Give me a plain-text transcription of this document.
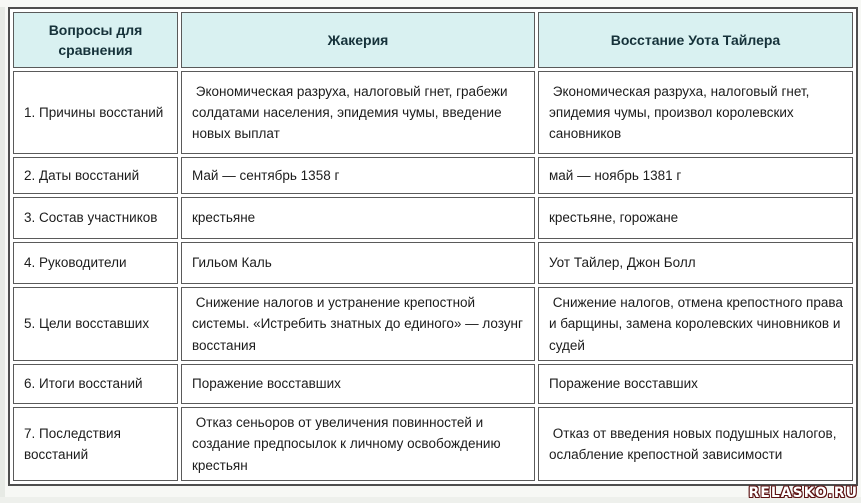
Вопросы для сравнения	Жакерия	Восстание Уота Тайлера
1. Причины восстаний	Экономическая разруха, налоговый гнет, грабежи солдатами населения, эпидемия чумы, введение новых выплат	Экономическая разруха, налоговый гнет, эпидемия чумы, произвол королевских сановников
2. Даты восстаний	Май — сентябрь 1358 г	май — ноябрь 1381 г
3. Состав участников	крестьяне	крестьяне, горожане
4. Руководители	Гильом Каль	Уот Тайлер, Джон Болл
5. Цели восставших	Снижение налогов и устранение крепостной системы. «Истребить знатных до единого» — лозунг восстания	Снижение налогов, отмена крепостного права и барщины, замена королевских чиновников и судей
6. Итоги восстаний	Поражение восставших	Поражение восставших
7. Последствия восстаний	Отказ сеньоров от увеличения повинностей и создание предпосылок к личному освобождению крестьян	Отказ от введения новых подушных налогов, ослабление крепостной зависимости
RELASKO.RU
